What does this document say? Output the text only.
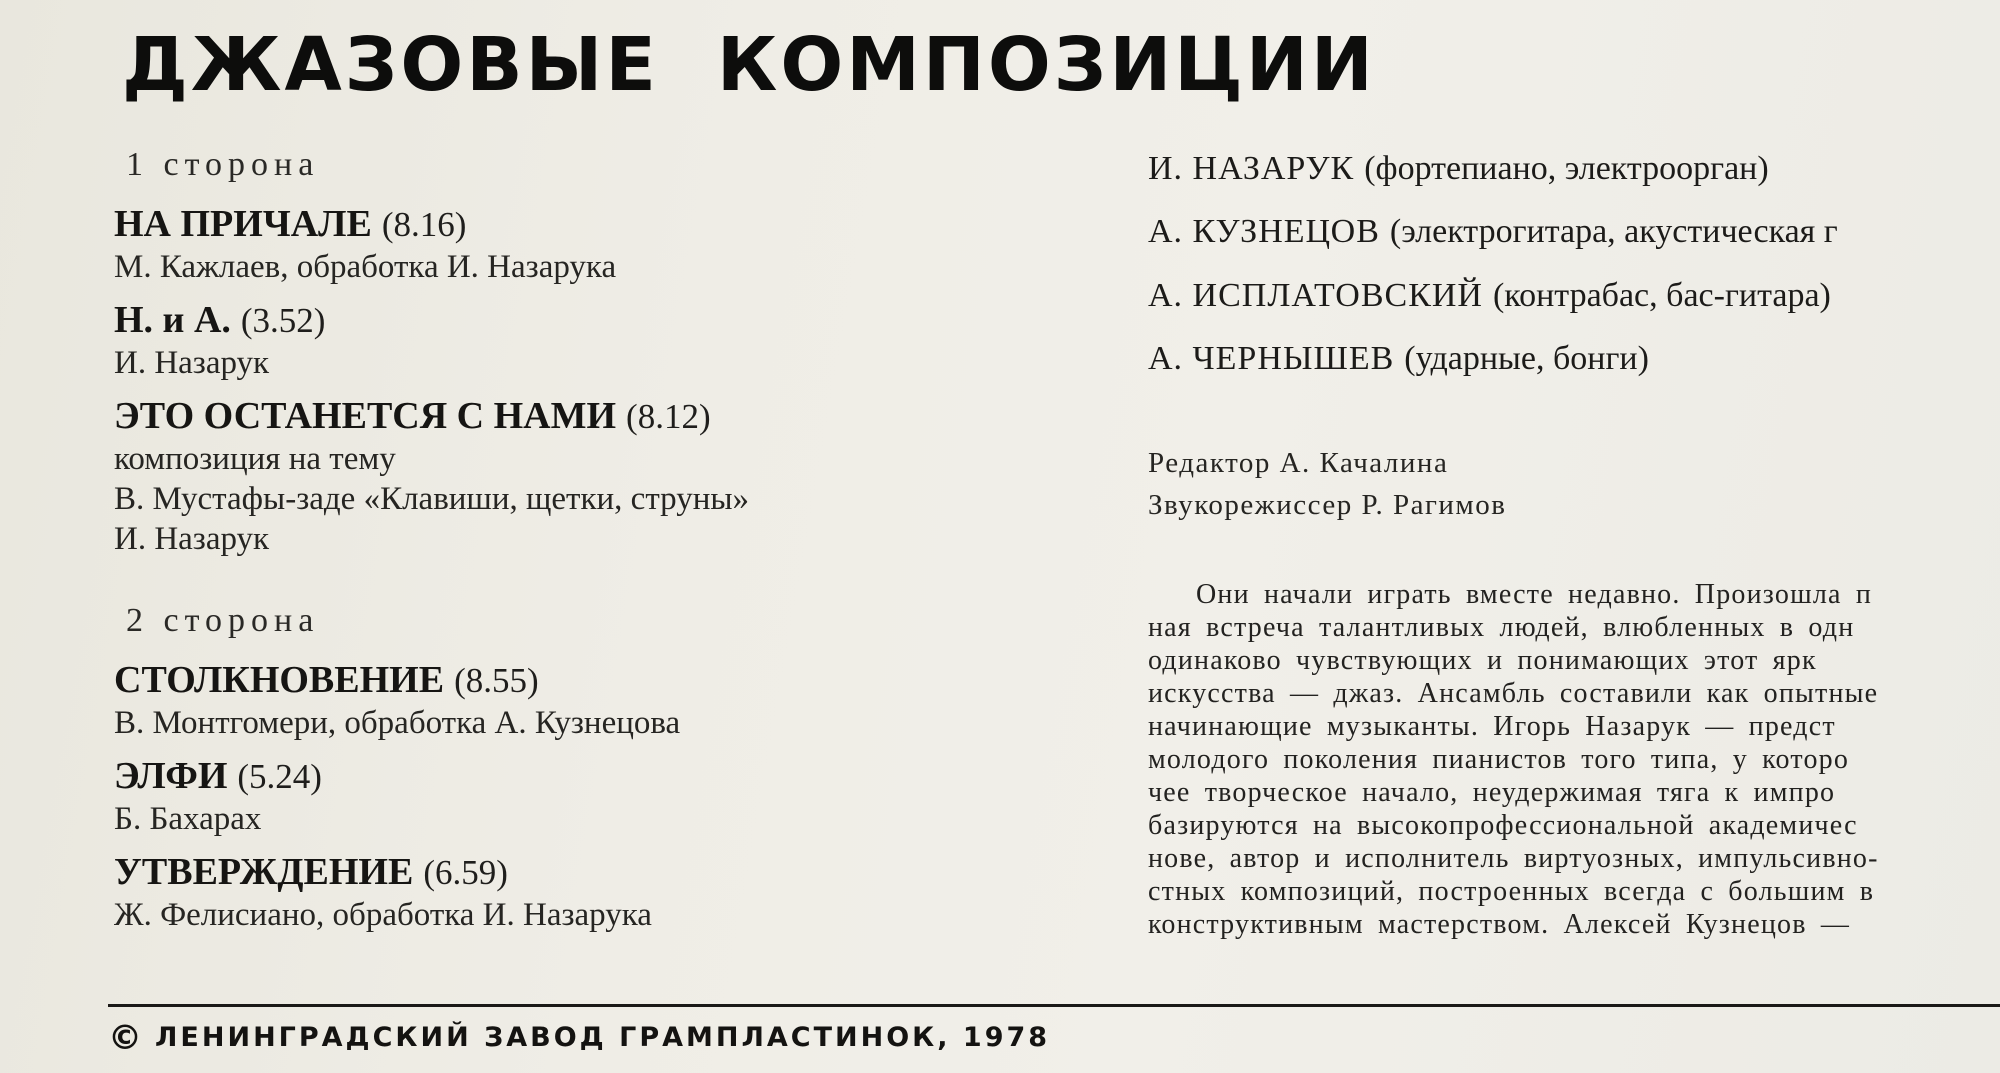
ДЖАЗОВЫЕ КОМПОЗИЦИИ
1 сторона
НА ПРИЧАЛЕ (8.16)
М. Кажлаев, обработка И. Назарука
Н. и А. (3.52)
И. Назарук
ЭТО ОСТАНЕТСЯ С НАМИ (8.12)
композиция на тему
В. Мустафы-заде «Клавиши, щетки, струны»
И. Назарук
2 сторона
СТОЛКНОВЕНИЕ (8.55)
В. Монтгомери, обработка А. Кузнецова
ЭЛФИ (5.24)
Б. Бахарах
УТВЕРЖДЕНИЕ (6.59)
Ж. Фелисиано, обработка И. Назарука
И. НАЗАРУК (фортепиано, электроорган)
А. КУЗНЕЦОВ (электрогитара, акустическая г
А. ИСПЛАТОВСКИЙ (контрабас, бас-гитара)
А. ЧЕРНЫШЕВ (ударные, бонги)
Редактор А. Качалина
Звукорежиссер Р. Рагимов
Они начали играть вместе недавно. Произошла п
ная встреча талантливых людей, влюбленных в одн
одинаково чувствующих и понимающих этот ярк
искусства — джаз. Ансамбль составили как опытные
начинающие музыканты. Игорь Назарук — предст
молодого поколения пианистов того типа, у которо
чее творческое начало, неудержимая тяга к импро
базируются на высокопрофессиональной академичес
нове, автор и исполнитель виртуозных, импульсивно-
стных композиций, построенных всегда с большим в
конструктивным мастерством. Алексей Кузнецов —
© ЛЕНИНГРАДСКИЙ ЗАВОД ГРАМПЛАСТИНОК, 1978
